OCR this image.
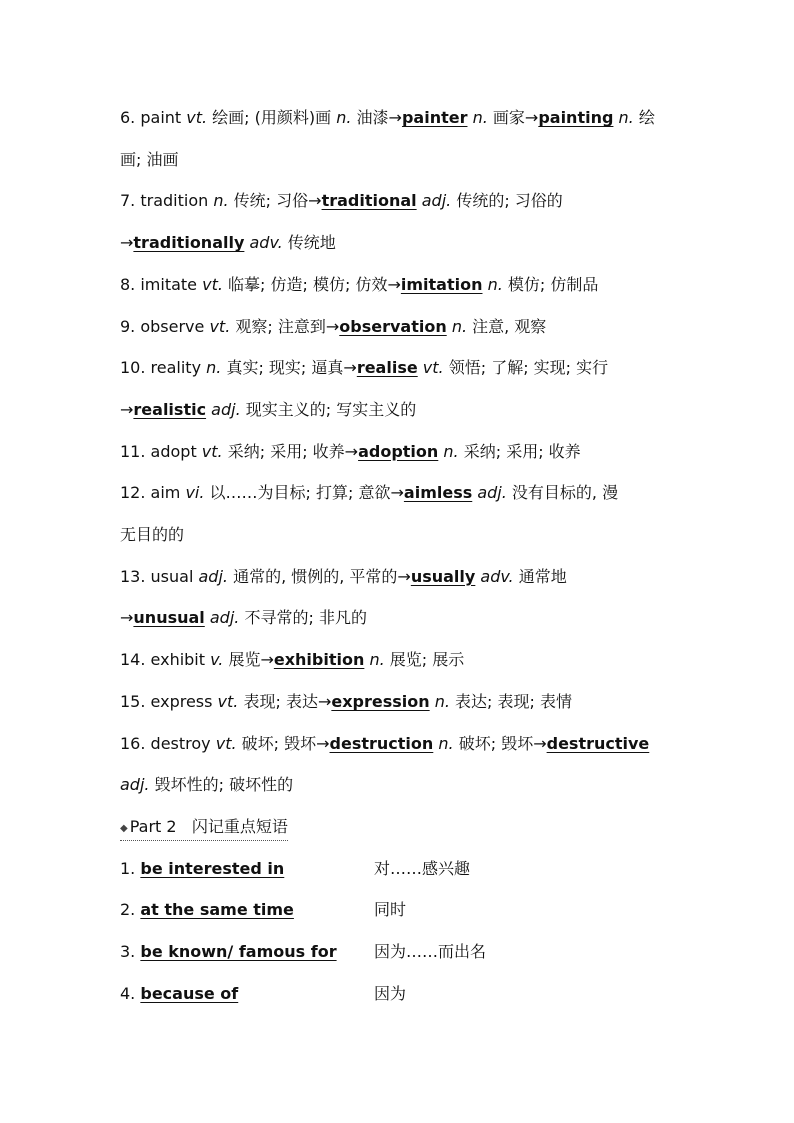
6. paint vt. 绘画; (用颜料)画 n. 油漆→painter n. 画家→painting n. 绘
画; 油画
7. tradition n. 传统; 习俗→traditional adj. 传统的; 习俗的
→traditionally adv. 传统地
8. imitate vt. 临摹; 仿造; 模仿; 仿效→imitation n. 模仿; 仿制品
9. observe vt. 观察; 注意到→observation n. 注意, 观察
10. reality n. 真实; 现实; 逼真→realise vt. 领悟; 了解; 实现; 实行
→realistic adj. 现实主义的; 写实主义的
11. adopt vt. 采纳; 采用; 收养→adoption n. 采纳; 采用; 收养
12. aim vi. 以……为目标; 打算; 意欲→aimless adj. 没有目标的, 漫
无目的的
13. usual adj. 通常的, 惯例的, 平常的→usually adv. 通常地
→unusual adj. 不寻常的; 非凡的
14. exhibit v. 展览→exhibition n. 展览; 展示
15. express vt. 表现; 表达→expression n. 表达; 表现; 表情
16. destroy vt. 破坏; 毁坏→destruction n. 破坏; 毁坏→destructive
adj. 毁坏性的; 破坏性的
◆ Part 2 闪记重点短语
1. be interested in	对……感兴趣
2. at the same time	同时
3. be known/ famous for 因为……而出名
4. because of	因为
